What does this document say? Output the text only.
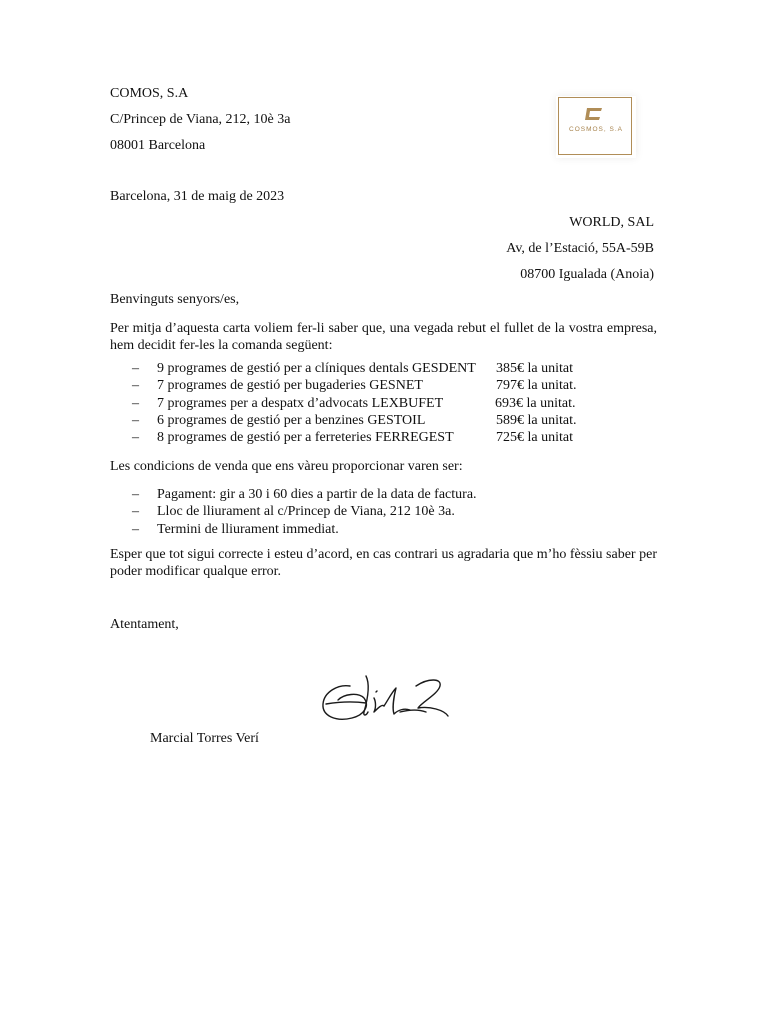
COMOS, S.A
C/Princep de Viana, 212, 10è 3a
08001 Barcelona
COSMOS, S.A
Barcelona, 31 de maig de 2023
WORLD, SAL
Av, de l’Estació, 55A-59B
08700 Igualada (Anoia)
Benvinguts senyors/es,
Per mitja d’aquesta carta voliem fer-li saber que, una vegada rebut el fullet de la vostra empresa, hem decidit fer-les la comanda següent:
– 9 programes de gestió per a clíniques dentals GESDENT 385€ la unitat
– 7 programes de gestió per bugaderies GESNET	797€ la unitat.
– 7 programes per a despatx d’advocats LEXBUFET	693€ la unitat.
– 6 programes de gestió per a benzines GESTOIL	589€ la unitat.
– 8 programes de gestió per a ferreteries FERREGEST	725€ la unitat
Les condicions de venda que ens vàreu proporcionar varen ser:
– Pagament: gir a 30 i 60 dies a partir de la data de factura.
– Lloc de lliurament al c/Princep de Viana, 212 10è 3a.
– Termini de lliurament immediat.
Esper que tot sigui correcte i esteu d’acord, en cas contrari us agradaria que m’ho fèssiu saber per poder modificar qualque error.
Atentament,
Marcial Torres Verí
